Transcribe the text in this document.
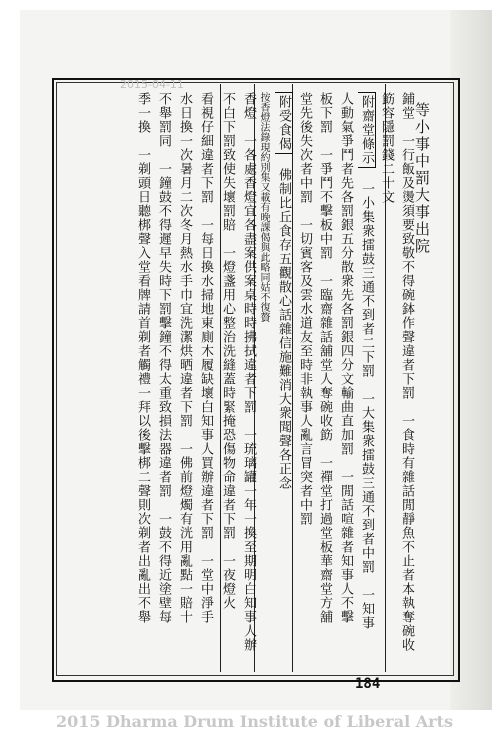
等小事中罰大事出院
2015-04-11
鋪堂　一行飯及燙須要致敬不得碗鉢作聲違者下罰　一食時有雜話閒靜魚不止者本執奪碗收
筯容隱罰錢二十文
附齋堂條示　一小集衆擂鼓三通不到者二下罰　一大集衆擂鼓三通不到者中罰　一知事
人動氣爭鬥者先各罰銀五分散衆先各罰銀四分文輸曲直加罰　一閒話喧雜者知事人不擊
板下罰　一爭鬥不擊板中罰　一臨齋雜話舖堂人奪碗收筯　一禪堂打過堂板華齋堂方舖
堂先後失次者中罰　一切賓客及雲水道友至時非執事人亂言冒突者中罰
附受食偈　佛制比丘食存五觀散心話雜信施難消大衆聞聲各正念
按香燈法錄現約別集又載有晚課偈與此略同姑不復贅
香燈　一各處香燈宜各盡案供案桌時時拂拭違者下罰　一琉璃罐一年一換至期明白知事人辦
不白下罰致使失壞罰賠　一燈盞用心整治洗縫蓋時緊掩恐傷物命違者下罰　一夜燈火
看視仔細違者下罰　一每日換水掃地東廁木履缺壞白知事人買辦違者下罰　一堂中淨手
水日換一次暑月二次冬月熱水手巾宜洗潔烘晒違者下罰　一佛前燈燭有洸用亂點一賠十
不舉罰同　一鐘鼓不得遲早失時下罰擊鐘不得太重致損法器違者罰　一鼓不得近塗壁每
季一換　一剃頭日聽梆聲入堂看牌請首剃者觸禮一拜以後擊梆二聲則次剃者出亂出不舉
184
2015 Dharma Drum Institute of Liberal Arts
